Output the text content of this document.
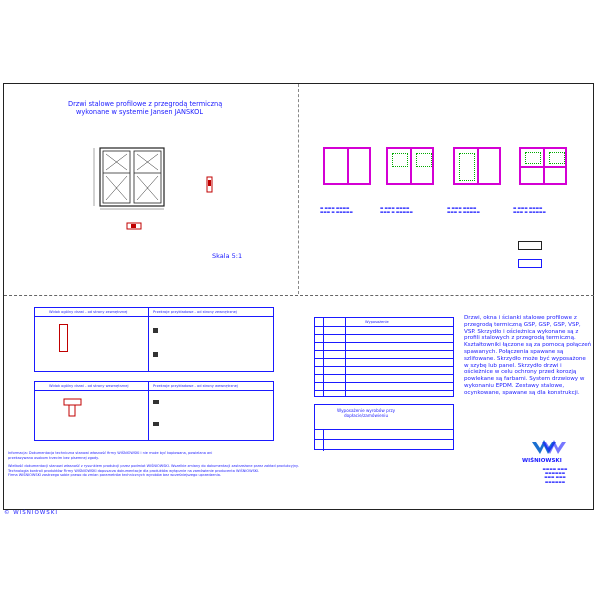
Drzwi stalowe profilowe z przegrodą termiczną
wykonane w systemie Jansen JANSKOL
Skala 5:1
▬ ▬▬▬ ▬▬▬▬
▬▬▬ ▬ ▬▬▬▬▬
▬ ▬▬▬ ▬▬▬▬
▬▬▬ ▬ ▬▬▬▬▬
▬ ▬▬▬ ▬▬▬▬
▬▬▬ ▬ ▬▬▬▬▬
▬ ▬▬▬ ▬▬▬▬
▬▬▬ ▬ ▬▬▬▬▬
Widok ogólny drzwi - od strony zewnętrznej	Przekroje przykładowe - od strony zewnętrznej
Widok ogólny drzwi - od strony wewnętrznej	Przekroje przykładowe - od strony wewnętrznej
Wyposażenie
Wyposażenie wyrobów przy
dopłacie/zamówieniu
Drzwi, okna i ścianki stalowe profilowe z przegrodą termiczną GSP, GSP, GSP, VSP, VSP. Skrzydło i ościeżnica wykonane są z profili stalowych z przegrodą termiczną. Kształtowniki łączone są za pomocą połączeń spawanych. Połączenia spawane są szlifowane. Skrzydło może być wyposażone w szybę lub panel. Skrzydło drzwi i ościeżnice w celu ochrony przed korozją powlekane są farbami. System drzwiowy w wykonaniu EPDM. Zestawy stalowe, ocynkowane, spawane są dla konstrukcji.
WIŚNIOWSKI
▬▬▬▬ ▬▬▬
▬▬▬▬▬▬
▬▬▬ ▬▬▬
▬▬▬▬▬▬
Informacja: Dokumentacja techniczna stanowi własność firmy WIŚNIOWSKI i nie może być kopiowana, powielana ani przekazywana osobom trzecim bez pisemnej zgody.
Wielkość dokumentacji stanowi własność z rysunkiem produkcji przez podmiot WIŚNIOWSKI. Wszelkie zmiany do dokumentacji zastrzeżone przez zakład produkcyjny.
Technologia kontroli produktów Firmy WIŚNIOWSKI dopuszcza dokumentacje dla produktów wyłącznie na zamówienie producenta WIŚNIOWSKI.
Firma WIŚNIOWSKI zastrzega sobie prawo do zmian parametrów technicznych wyrobów bez wcześniejszego uprzedzenia.
© WIŚNIOWSKI
